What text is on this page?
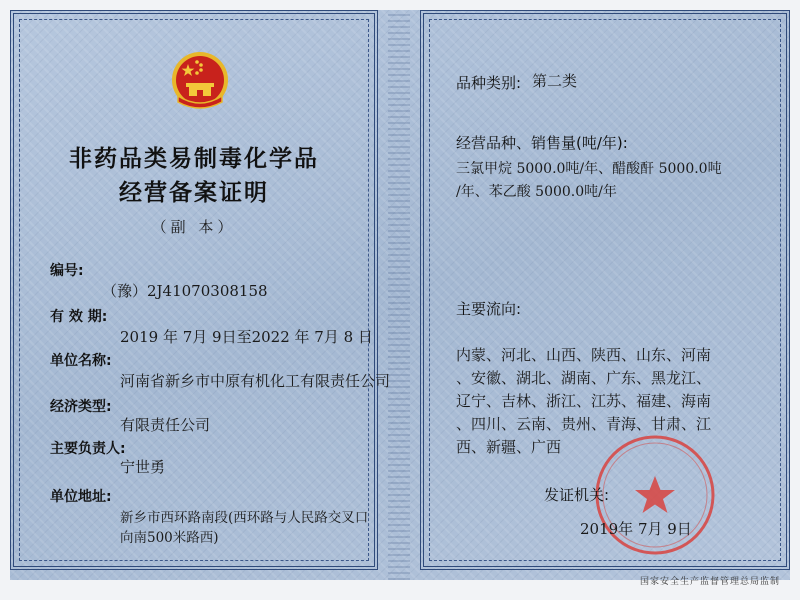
非药品类易制毒化学品
经营备案证明
（副 本）
编号:
（豫）2J41070308158
有 效 期:
2019 年 7月 9日至2022 年 7月 8 日
单位名称:
河南省新乡市中原有机化工有限责任公司
经济类型:
有限责任公司
主要负责人:
宁世勇
单位地址:
新乡市西环路南段(西环路与人民路交叉口
向南500米路西)
品种类别: 第二类
经营品种、销售量(吨/年):
三氯甲烷 5000.0吨/年、醋酸酐 5000.0吨
/年、苯乙酸 5000.0吨/年
主要流向:
内蒙、河北、山西、陕西、山东、河南
、安徽、湖北、湖南、广东、黑龙江、
辽宁、吉林、浙江、江苏、福建、海南
、四川、云南、贵州、青海、甘肃、江
西、新疆、广西
发证机关:
2019年 7月 9日
国家安全生产监督管理总局监制
